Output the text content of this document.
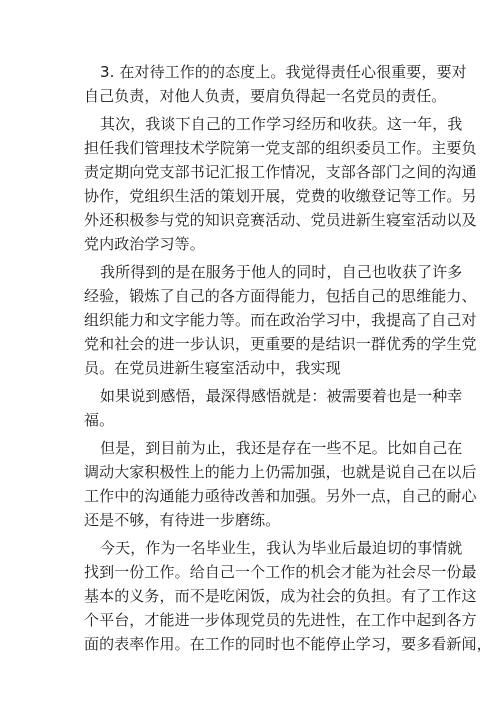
3. 在对待工作的的态度上。我觉得责任心很重要，要对
自己负责，对他人负责，要肩负得起一名党员的责任。

其次，我谈下自己的工作学习经历和收获。这一年，我
担任我们管理技术学院第一党支部的组织委员工作。主要负
责定期向党支部书记汇报工作情况，支部各部门之间的沟通
协作，党组织生活的策划开展，党费的收缴登记等工作。另
外还积极参与党的知识竞赛活动、党员进新生寝室活动以及
党内政治学习等。

我所得到的是在服务于他人的同时，自己也收获了许多
经验，锻炼了自己的各方面得能力，包括自己的思维能力、
组织能力和文字能力等。而在政治学习中，我提高了自己对
党和社会的进一步认识，更重要的是结识一群优秀的学生党
员。在党员进新生寝室活动中，我实现

如果说到感悟，最深得感悟就是：被需要着也是一种幸
福。

但是，到目前为止，我还是存在一些不足。比如自己在
调动大家积极性上的能力上仍需加强，也就是说自己在以后
工作中的沟通能力亟待改善和加强。另外一点，自己的耐心
还是不够，有待进一步磨练。

今天，作为一名毕业生，我认为毕业后最迫切的事情就
找到一份工作。给自己一个工作的机会才能为社会尽一份最
基本的义务，而不是吃闲饭，成为社会的负担。有了工作这
个平台，才能进一步体现党员的先进性，在工作中起到各方
面的表率作用。在工作的同时也不能停止学习，要多看新闻，
